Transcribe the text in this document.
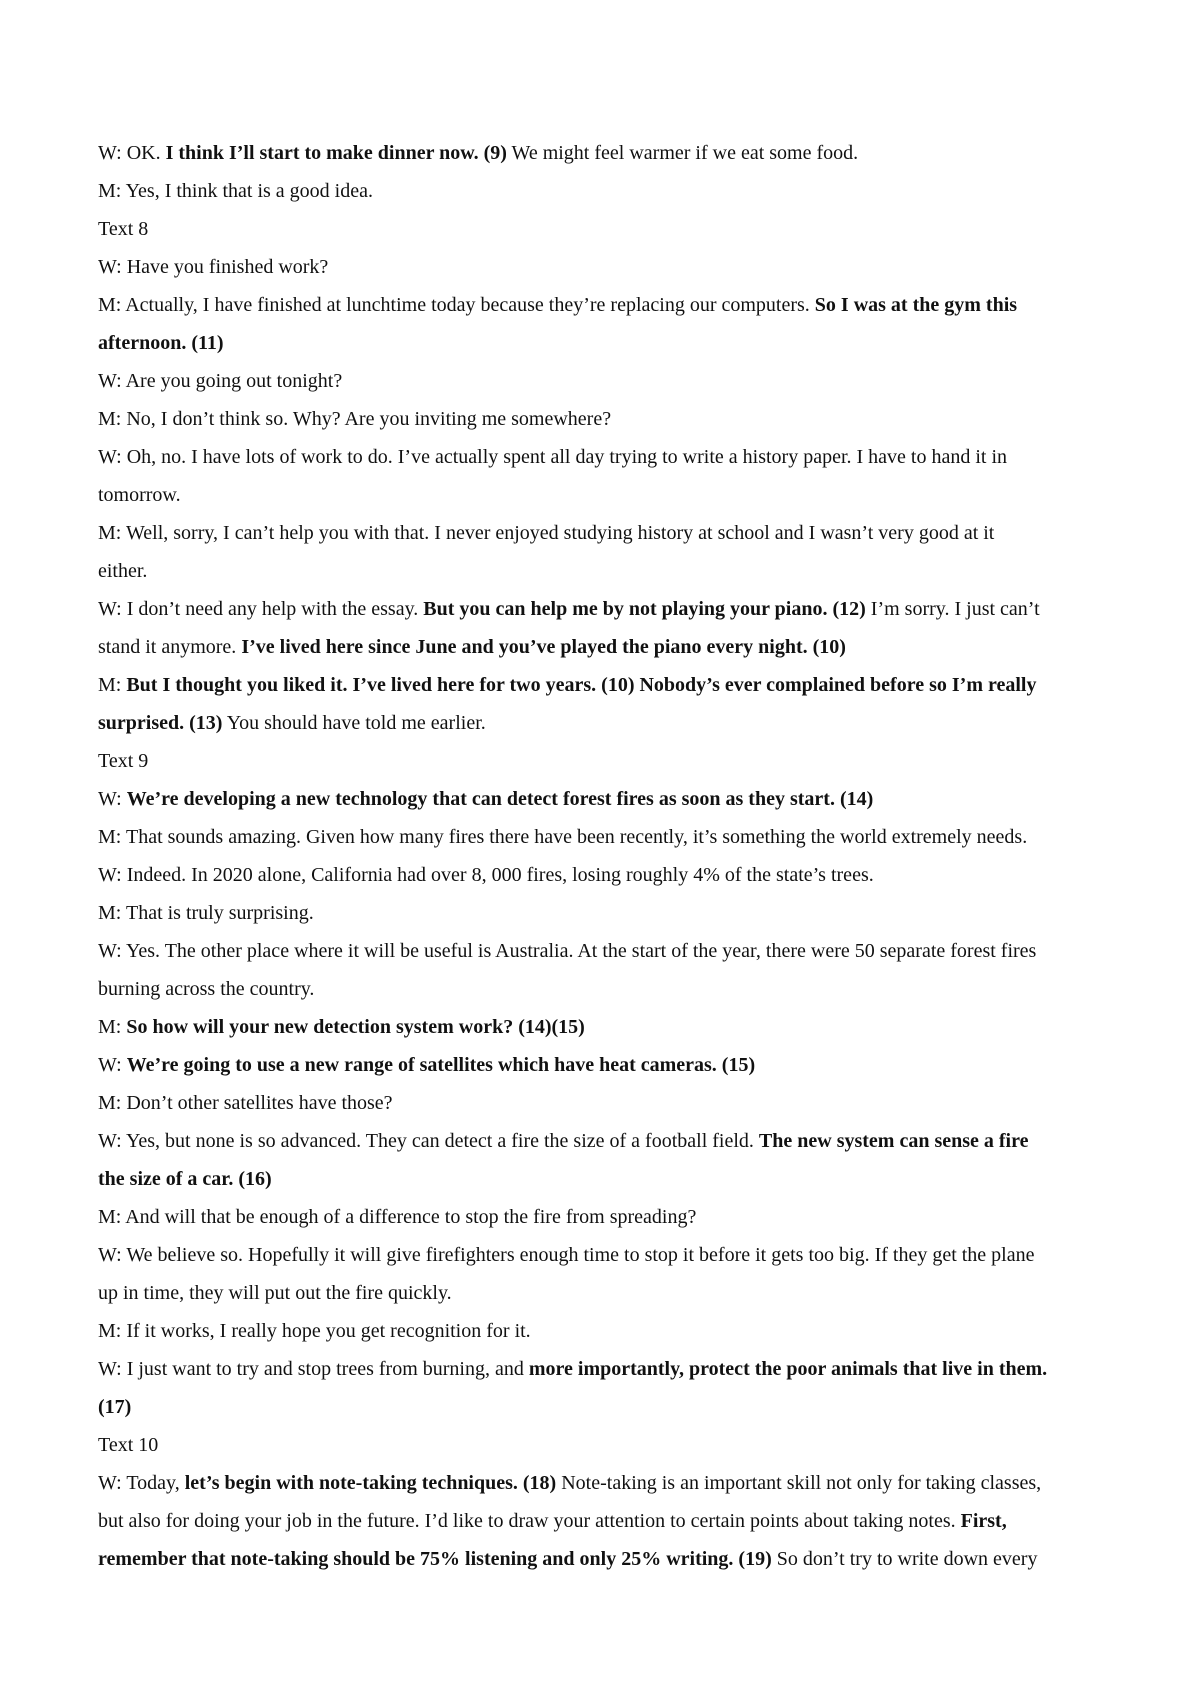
W: OK. I think I’ll start to make dinner now. (9) We might feel warmer if we eat some food.
M: Yes, I think that is a good idea.
Text 8
W: Have you finished work?
M: Actually, I have finished at lunchtime today because they’re replacing our computers. So I was at the gym this
afternoon. (11)
W: Are you going out tonight?
M: No, I don’t think so. Why? Are you inviting me somewhere?
W: Oh, no. I have lots of work to do. I’ve actually spent all day trying to write a history paper. I have to hand it in
tomorrow.
M: Well, sorry, I can’t help you with that. I never enjoyed studying history at school and I wasn’t very good at it
either.
W: I don’t need any help with the essay. But you can help me by not playing your piano. (12) I’m sorry. I just can’t
stand it anymore. I’ve lived here since June and you’ve played the piano every night. (10)
M: But I thought you liked it. I’ve lived here for two years. (10) Nobody’s ever complained before so I’m really
surprised. (13) You should have told me earlier.
Text 9
W: We’re developing a new technology that can detect forest fires as soon as they start. (14)
M: That sounds amazing. Given how many fires there have been recently, it’s something the world extremely needs.
W: Indeed. In 2020 alone, California had over 8, 000 fires, losing roughly 4% of the state’s trees.
M: That is truly surprising.
W: Yes. The other place where it will be useful is Australia. At the start of the year, there were 50 separate forest fires
burning across the country.
M: So how will your new detection system work? (14)(15)
W: We’re going to use a new range of satellites which have heat cameras. (15)
M: Don’t other satellites have those?
W: Yes, but none is so advanced. They can detect a fire the size of a football field. The new system can sense a fire
the size of a car. (16)
M: And will that be enough of a difference to stop the fire from spreading?
W: We believe so. Hopefully it will give firefighters enough time to stop it before it gets too big. If they get the plane
up in time, they will put out the fire quickly.
M: If it works, I really hope you get recognition for it.
W: I just want to try and stop trees from burning, and more importantly, protect the poor animals that live in them.
(17)
Text 10
W: Today, let’s begin with note-taking techniques. (18) Note-taking is an important skill not only for taking classes,
but also for doing your job in the future. I’d like to draw your attention to certain points about taking notes. First,
remember that note-taking should be 75% listening and only 25% writing. (19) So don’t try to write down every
